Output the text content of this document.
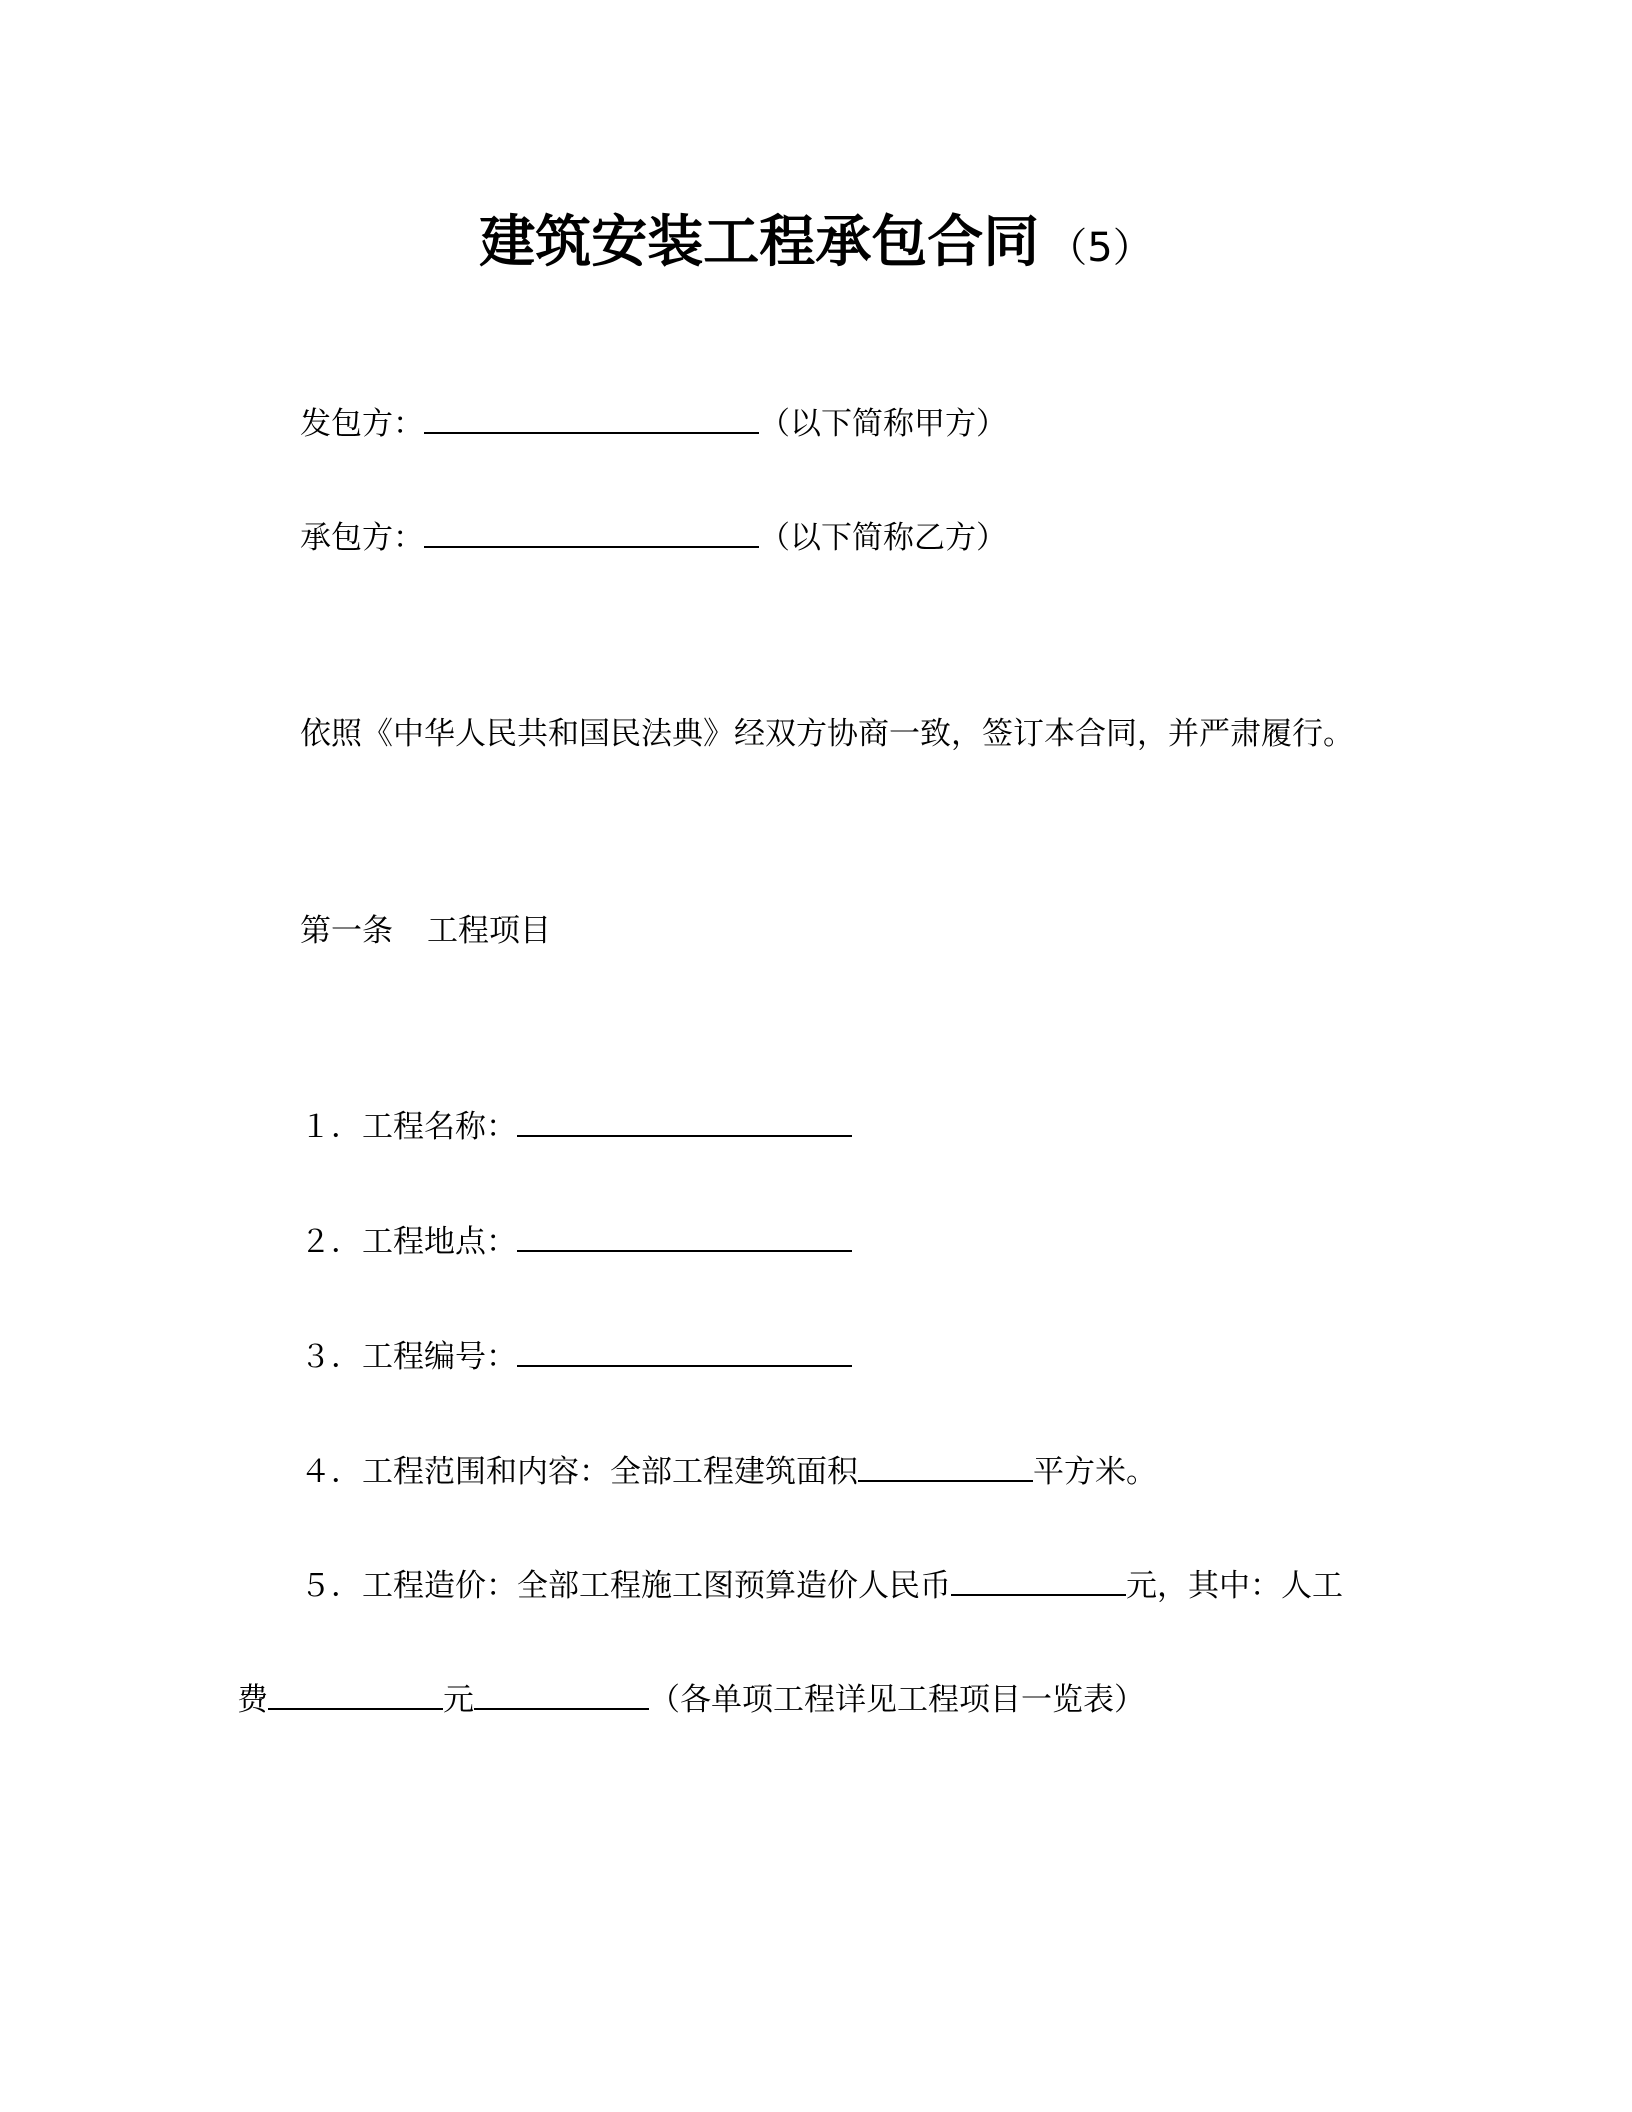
建筑安装工程承包合同 （5）
发包方：	（以下简称甲方）
承包方：	（以下简称乙方）
依照《中华人民共和国民法典》经双方协商一致，签订本合同，并严肃履行。
第一条 工程项目
１．工程名称：
２．工程地点：
３．工程编号：
４．工程范围和内容：全部工程建筑面积	平方米。
５．工程造价：全部工程施工图预算造价人民币	元，其中：人工
费	元	（各单项工程详见工程项目一览表）
